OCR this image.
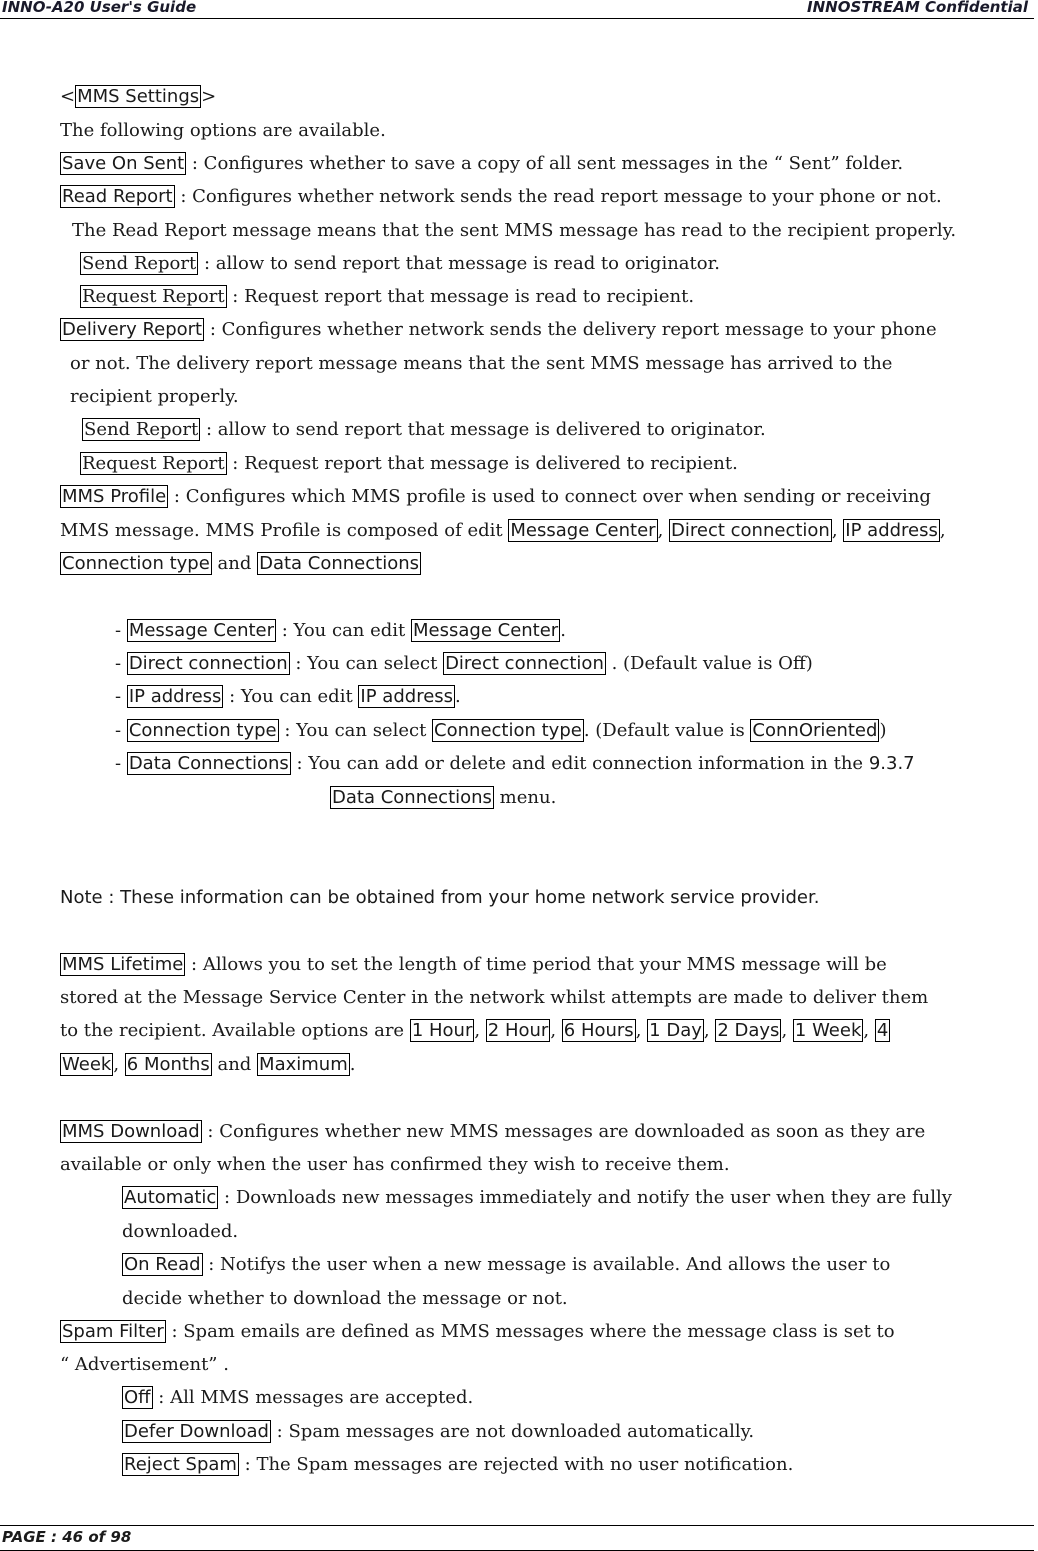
INNO-A20 User's Guide	INNOSTREAM Confidential
< MMS Settings >
The following options are available.
Save On Sent : Configures whether to save a copy of all sent messages in the “ Sent” folder.
Read Report : Configures whether network sends the read report message to your phone or not.
The Read Report message means that the sent MMS message has read to the recipient properly.
Send Report : allow to send report that message is read to originator.
Request Report : Request report that message is read to recipient.
Delivery Report : Configures whether network sends the delivery report message to your phone
or not. The delivery report message means that the sent MMS message has arrived to the
recipient properly.
Send Report : allow to send report that message is delivered to originator.
Request Report : Request report that message is delivered to recipient.
MMS Profile : Configures which MMS profile is used to connect over when sending or receiving
MMS message. MMS Profile is composed of edit Message Center , Direct connection , IP address ,
Connection type and Data Connections
- Message Center : You can edit Message Center .
- Direct connection : You can select Direct connection . (Default value is Off)
- IP address : You can edit IP address .
- Connection type : You can select Connection type . (Default value is ConnOriented )
- Data Connections : You can add or delete and edit connection information in the 9.3.7
Data Connections menu.
Note : These information can be obtained from your home network service provider.
MMS Lifetime : Allows you to set the length of time period that your MMS message will be
stored at the Message Service Center in the network whilst attempts are made to deliver them
to the recipient. Available options are 1 Hour , 2 Hour , 6 Hours , 1 Day , 2 Days , 1 Week , 4
Week , 6 Months and Maximum .
MMS Download : Configures whether new MMS messages are downloaded as soon as they are
available or only when the user has confirmed they wish to receive them.
Automatic : Downloads new messages immediately and notify the user when they are fully
downloaded.
On Read : Notifys the user when a new message is available. And allows the user to
decide whether to download the message or not.
Spam Filter : Spam emails are defined as MMS messages where the message class is set to
“ Advertisement” .
Off : All MMS messages are accepted.
Defer Download : Spam messages are not downloaded automatically.
Reject Spam : The Spam messages are rejected with no user notification.
PAGE : 46 of 98
